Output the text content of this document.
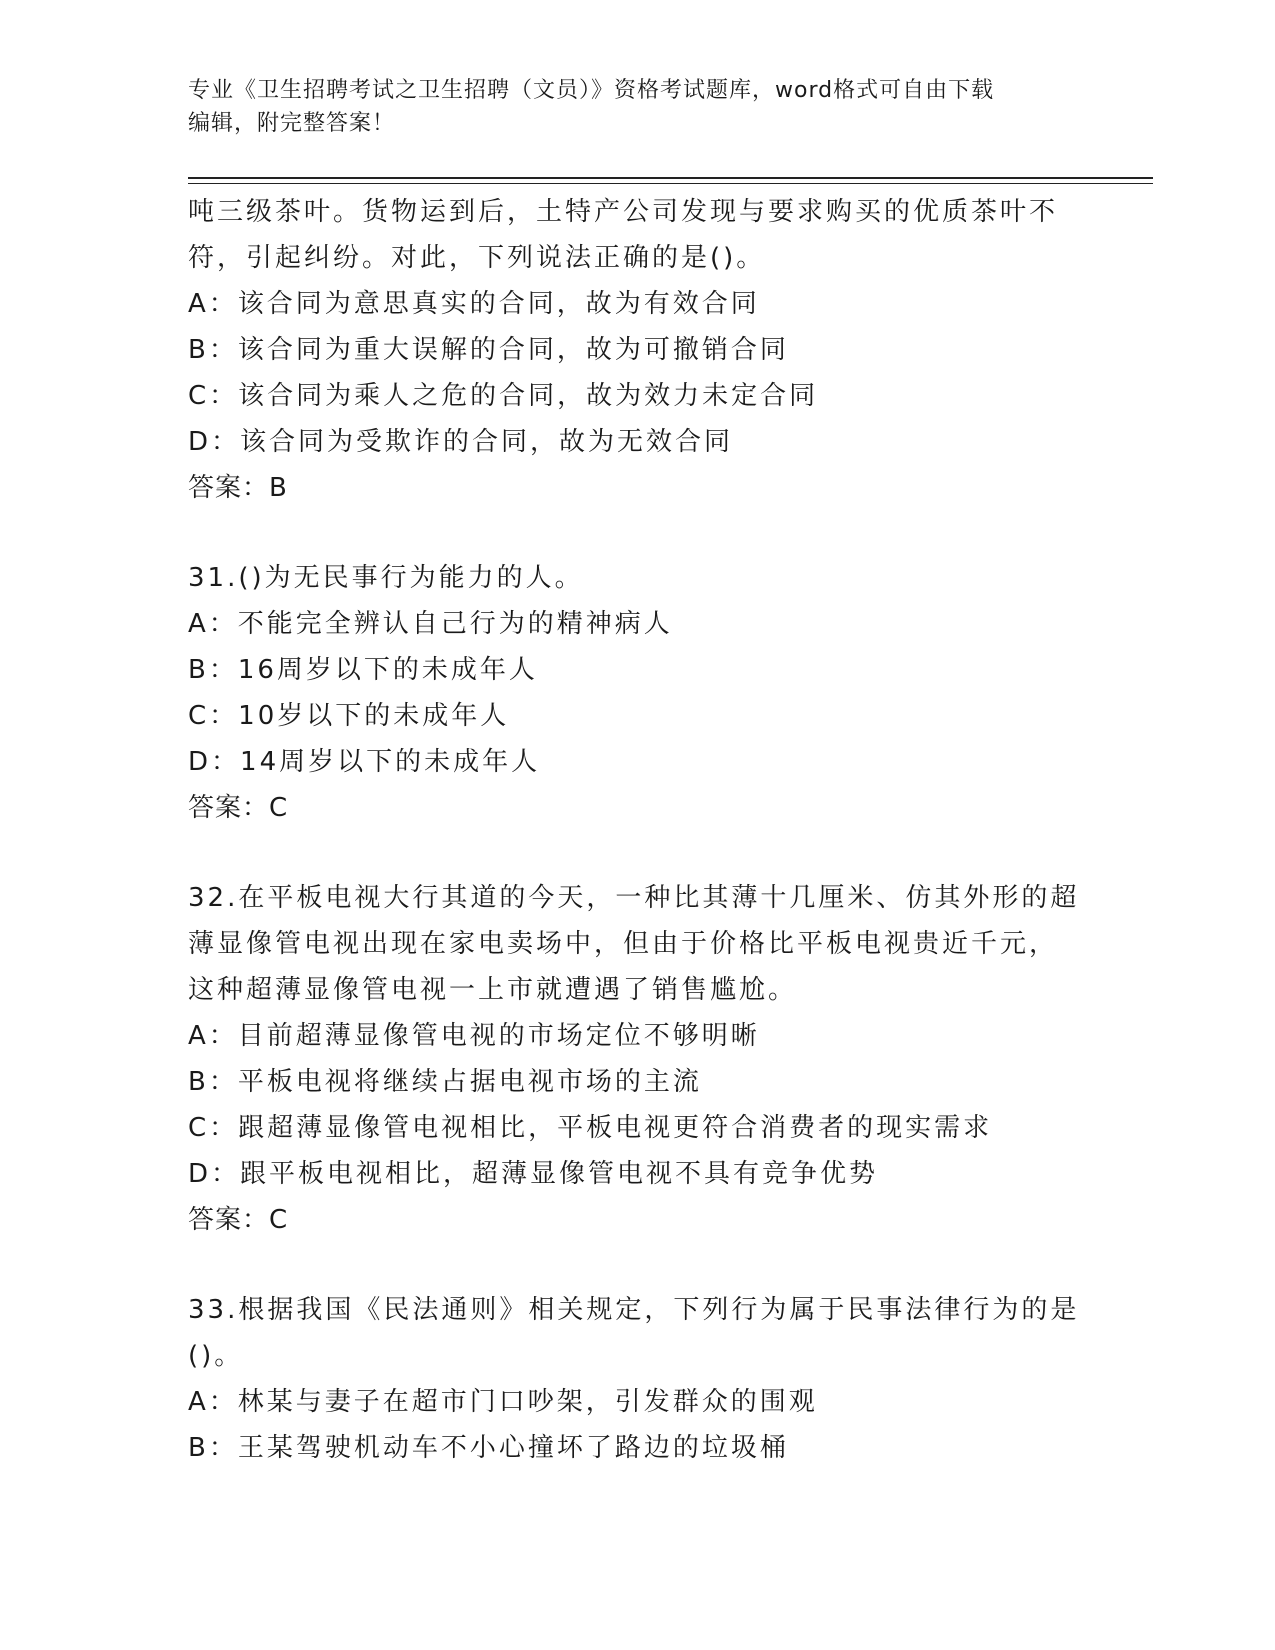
专业《卫生招聘考试之卫生招聘（文员）》资格考试题库，word格式可自由下载
编辑，附完整答案！
吨三级茶叶。货物运到后，土特产公司发现与要求购买的优质茶叶不
符，引起纠纷。对此，下列说法正确的是()。
A：该合同为意思真实的合同，故为有效合同
B：该合同为重大误解的合同，故为可撤销合同
C：该合同为乘人之危的合同，故为效力未定合同
D：该合同为受欺诈的合同，故为无效合同
答案：B
31.()为无民事行为能力的人。
A：不能完全辨认自己行为的精神病人
B：16周岁以下的未成年人
C：10岁以下的未成年人
D：14周岁以下的未成年人
答案：C
32.在平板电视大行其道的今天，一种比其薄十几厘米、仿其外形的超
薄显像管电视出现在家电卖场中，但由于价格比平板电视贵近千元，
这种超薄显像管电视一上市就遭遇了销售尴尬。
A：目前超薄显像管电视的市场定位不够明晰
B：平板电视将继续占据电视市场的主流
C：跟超薄显像管电视相比，平板电视更符合消费者的现实需求
D：跟平板电视相比，超薄显像管电视不具有竞争优势
答案：C
33.根据我国《民法通则》相关规定，下列行为属于民事法律行为的是
()。
A：林某与妻子在超市门口吵架，引发群众的围观
B：王某驾驶机动车不小心撞坏了路边的垃圾桶
